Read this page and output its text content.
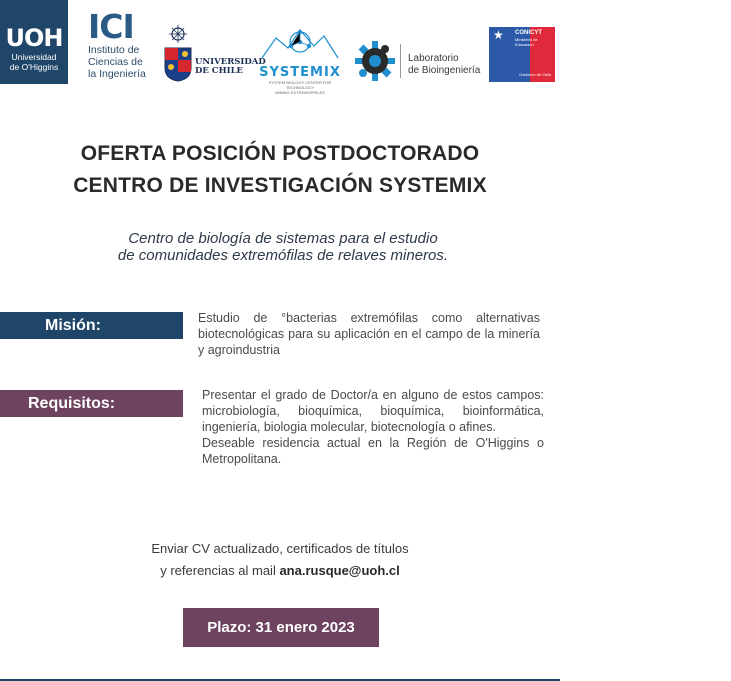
UOH
Universidad
de O'Higgins
ICI
Instituto de
Ciencias de
la Ingeniería
UNIVERSIDAD
DE CHILE	SYSTEMIX
SYSTEM BIOLOGY CENTER FOR TECHNOLOGY
MINING EXTREMOPHILES
Laboratorio
de Bioingeniería
★ CONICYT
Ministerio de Educación
Gobierno de Chile
OFERTA POSICIÓN POSTDOCTORADO
CENTRO DE INVESTIGACIÓN SYSTEMIX
Centro de biología de sistemas para el estudio
de comunidades extremófilas de relaves mineros.
Misión:	Estudio de °bacterias extremófilas como alternativas biotecnológicas para su aplicación en el campo de la minería y agroindustria
Requisitos:	Presentar el grado de Doctor/a en alguno de estos campos: microbiología, bioquímica, bioquímica, bioinformática, ingeniería, biologia molecular, biotecnología o afines.
Deseable residencia actual en la Región de O'Higgins o Metropolitana.
Enviar CV actualizado, certificados de títulos
y referencias al mail ana.rusque@uoh.cl
Plazo: 31 enero 2023
